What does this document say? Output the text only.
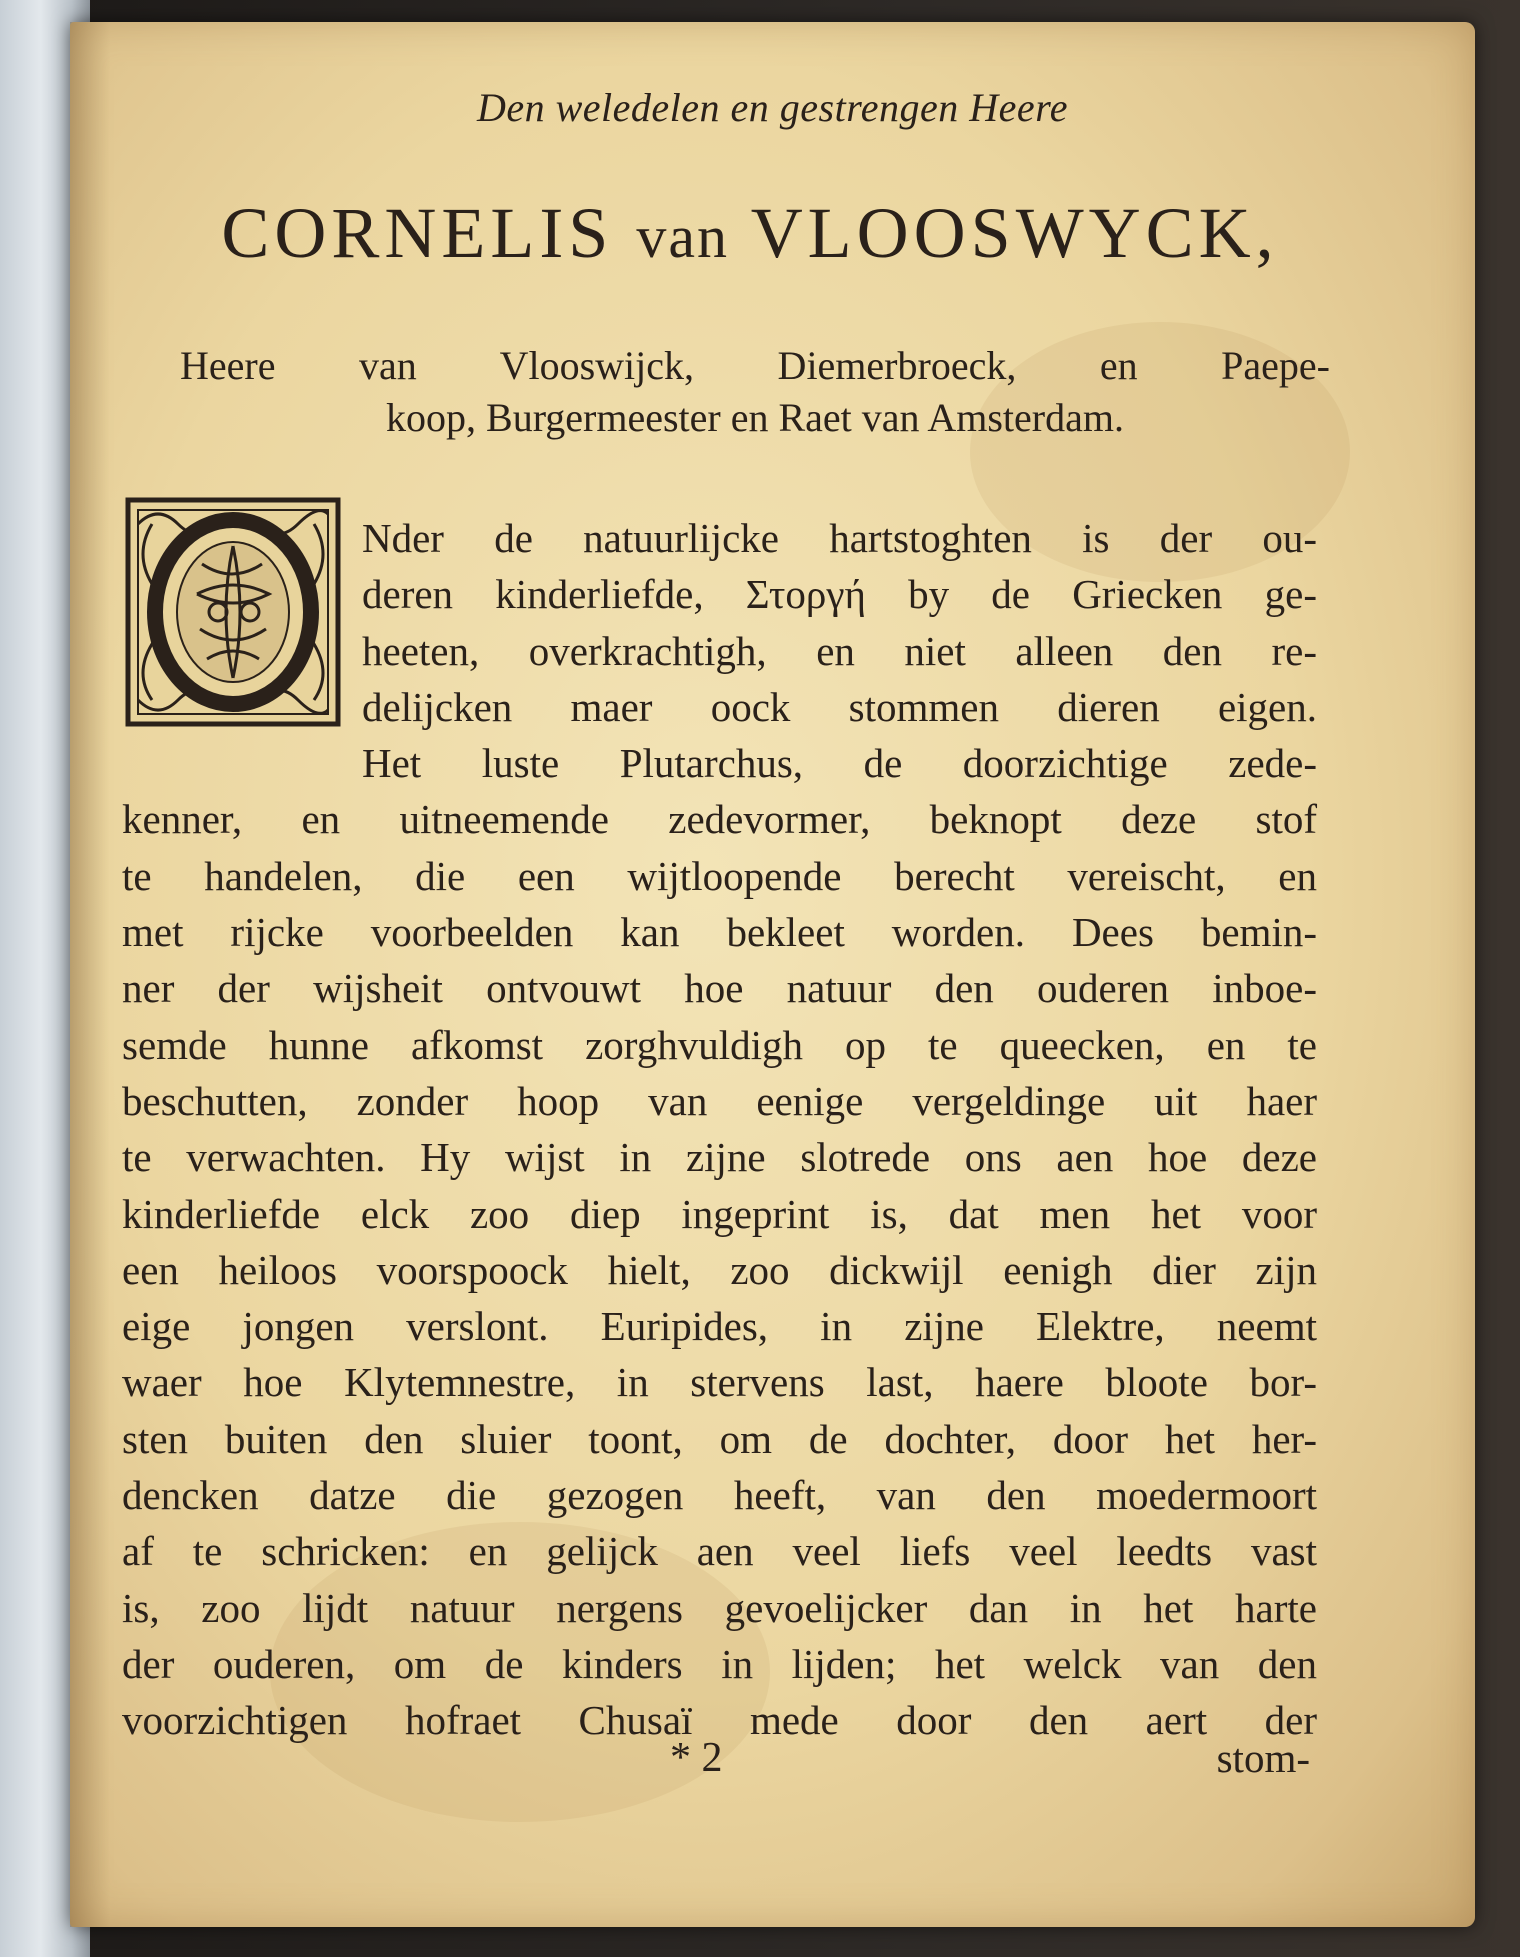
Den weledelen en gestrengen Heere
CORNELIS van VLOOSWYCK,
Heere van Vlooswijck, Diemerbroeck, en Paepe-
koop, Burgermeester en Raet van Amsterdam.
Nder de natuurlijcke hartstoghten is der ou-
deren kinderliefde, Στοργή by de Griecken ge-
heeten, overkrachtigh, en niet alleen den re-
delijcken maer oock stommen dieren eigen.
Het luste Plutarchus, de doorzichtige zede-
kenner, en uitneemende zedevormer, beknopt deze stof
te handelen, die een wijtloopende berecht vereischt, en
met rijcke voorbeelden kan bekleet worden. Dees bemin-
ner der wijsheit ontvouwt hoe natuur den ouderen inboe-
semde hunne afkomst zorghvuldigh op te queecken, en te
beschutten, zonder hoop van eenige vergeldinge uit haer
te verwachten. Hy wijst in zijne slotrede ons aen hoe deze
kinderliefde elck zoo diep ingeprint is, dat men het voor
een heiloos voorspoock hielt, zoo dickwijl eenigh dier zijn
eige jongen verslont. Euripides, in zijne Elektre, neemt
waer hoe Klytemnestre, in stervens last, haere bloote bor-
sten buiten den sluier toont, om de dochter, door het her-
dencken datze die gezogen heeft, van den moedermoort
af te schricken: en gelijck aen veel liefs veel leedts vast
is, zoo lijdt natuur nergens gevoelijcker dan in het harte
der ouderen, om de kinders in lijden; het welck van den
voorzichtigen hofraet Chusaï mede door den aert der
* 2	stom-
